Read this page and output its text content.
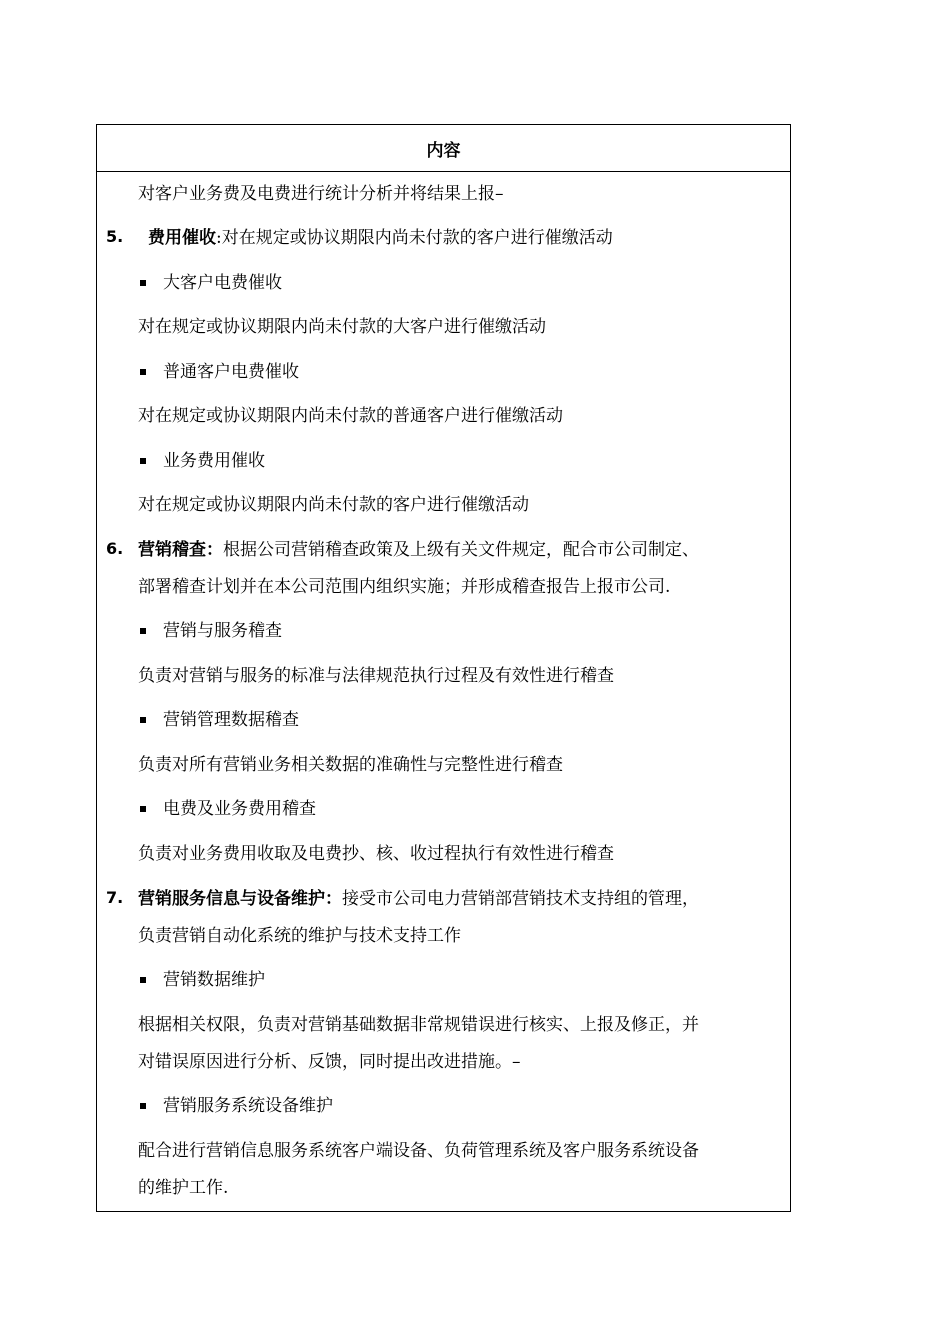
内容
对客户业务费及电费进行统计分析并将结果上报–
5. 费用催收:对在规定或协议期限内尚未付款的客户进行催缴活动
大客户电费催收
对在规定或协议期限内尚未付款的大客户进行催缴活动
普通客户电费催收
对在规定或协议期限内尚未付款的普通客户进行催缴活动
业务费用催收
对在规定或协议期限内尚未付款的客户进行催缴活动
6. 营销稽查：根据公司营销稽查政策及上级有关文件规定，配合市公司制定、
部署稽查计划并在本公司范围内组织实施；并形成稽查报告上报市公司.
营销与服务稽查
负责对营销与服务的标准与法律规范执行过程及有效性进行稽查
营销管理数据稽查
负责对所有营销业务相关数据的准确性与完整性进行稽查
电费及业务费用稽查
负责对业务费用收取及电费抄、核、收过程执行有效性进行稽查
7. 营销服务信息与设备维护：接受市公司电力营销部营销技术支持组的管理，
负责营销自动化系统的维护与技术支持工作
营销数据维护
根据相关权限，负责对营销基础数据非常规错误进行核实、上报及修正，并
对错误原因进行分析、反馈，同时提出改进措施。–
营销服务系统设备维护
配合进行营销信息服务系统客户端设备、负荷管理系统及客户服务系统设备
的维护工作.
